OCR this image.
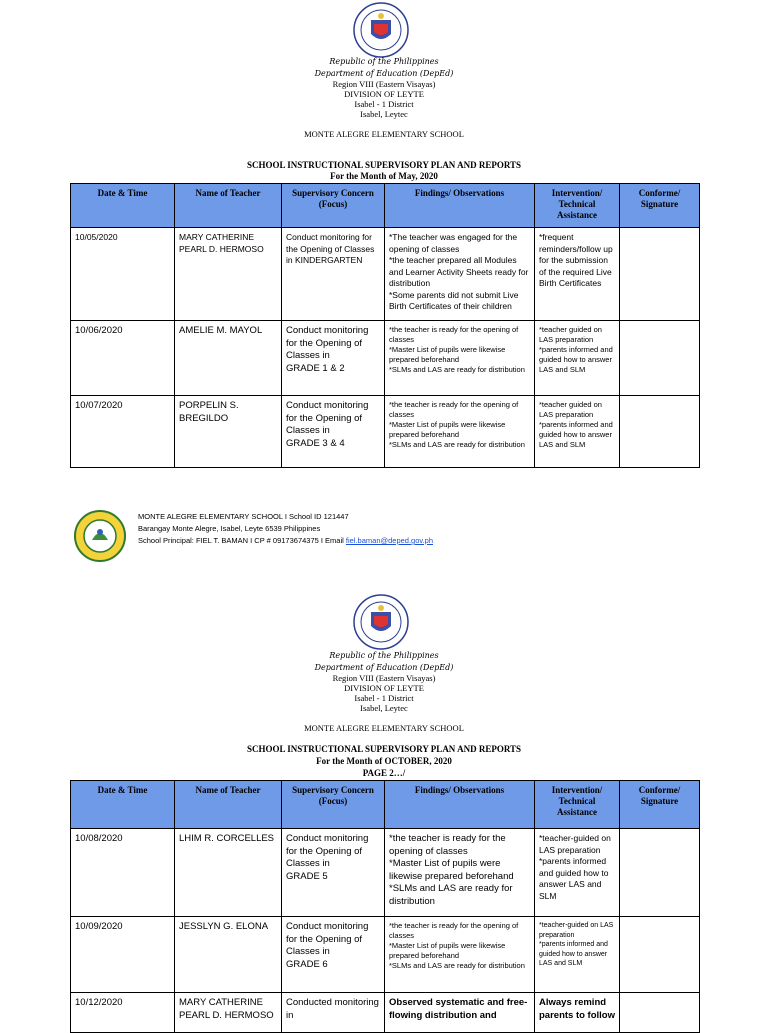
Republic of the Philippines
Department of Education (DepEd)
Region VIII (Eastern Visayas)
DIVISION OF LEYTE
Isabel - 1 District
Isabel, Leytec
MONTE ALEGRE ELEMENTARY SCHOOL
SCHOOL INSTRUCTIONAL SUPERVISORY PLAN AND REPORTS
For the Month of May, 2020
Date & Time	Name of Teacher	Supervisory Concern (Focus)	Findings/ Observations	Intervention/ Technical Assistance	Conforme/ Signature
10/05/2020	MARY CATHERINE PEARL D. HERMOSO	Conduct monitoring for the Opening of Classes in KINDERGARTEN	*The teacher was engaged for the opening of classes
*the teacher prepared all Modules and Learner Activity Sheets ready for distribution
*Some parents did not submit Live Birth Certificates of their children	*frequent reminders/follow up for the submission of the required Live Birth Certificates	
10/06/2020	AMELIE M. MAYOL	Conduct monitoring for the Opening of Classes in
GRADE 1 & 2	*the teacher is ready for the opening of classes
*Master List of pupils were likewise prepared beforehand
*SLMs and LAS are ready for distribution	*teacher guided on LAS preparation
*parents informed and guided how to answer LAS and SLM	
10/07/2020	PORPELIN S. BREGILDO	Conduct monitoring for the Opening of Classes in
GRADE 3 & 4	*the teacher is ready for the opening of classes
*Master List of pupils were likewise prepared beforehand
*SLMs and LAS are ready for distribution	*teacher guided on LAS preparation
*parents informed and guided how to answer LAS and SLM	
MONTE ALEGRE ELEMENTARY SCHOOL I School ID 121447
Barangay Monte Alegre, Isabel, Leyte 6539 Philippines
School Principal: FIEL T. BAMAN I CP # 09173674375 I Email fiel.baman@deped.gov.ph
Republic of the Philippines
Department of Education (DepEd)
Region VIII (Eastern Visayas)
DIVISION OF LEYTE
Isabel - 1 District
Isabel, Leytec
MONTE ALEGRE ELEMENTARY SCHOOL
SCHOOL INSTRUCTIONAL SUPERVISORY PLAN AND REPORTS
For the Month of OCTOBER, 2020
PAGE 2…/
Date & Time	Name of Teacher	Supervisory Concern (Focus)	Findings/ Observations	Intervention/ Technical Assistance	Conforme/ Signature
10/08/2020	LHIM R. CORCELLES	Conduct monitoring for the Opening of Classes in
GRADE 5	*the teacher is ready for the opening of classes
*Master List of pupils were likewise prepared beforehand
*SLMs and LAS are ready for distribution	*teacher-guided on LAS preparation
*parents informed and guided how to answer LAS and SLM	
10/09/2020	JESSLYN G. ELONA	Conduct monitoring for the Opening of Classes in
GRADE 6	*the teacher is ready for the opening of classes
*Master List of pupils were likewise prepared beforehand
*SLMs and LAS are ready for distribution	*teacher-guided on LAS preparation
*parents informed and guided how to answer LAS and SLM	
10/12/2020	MARY CATHERINE PEARL D. HERMOSO	Conducted monitoring in	Observed systematic and free-flowing distribution and	Always remind parents to follow	
